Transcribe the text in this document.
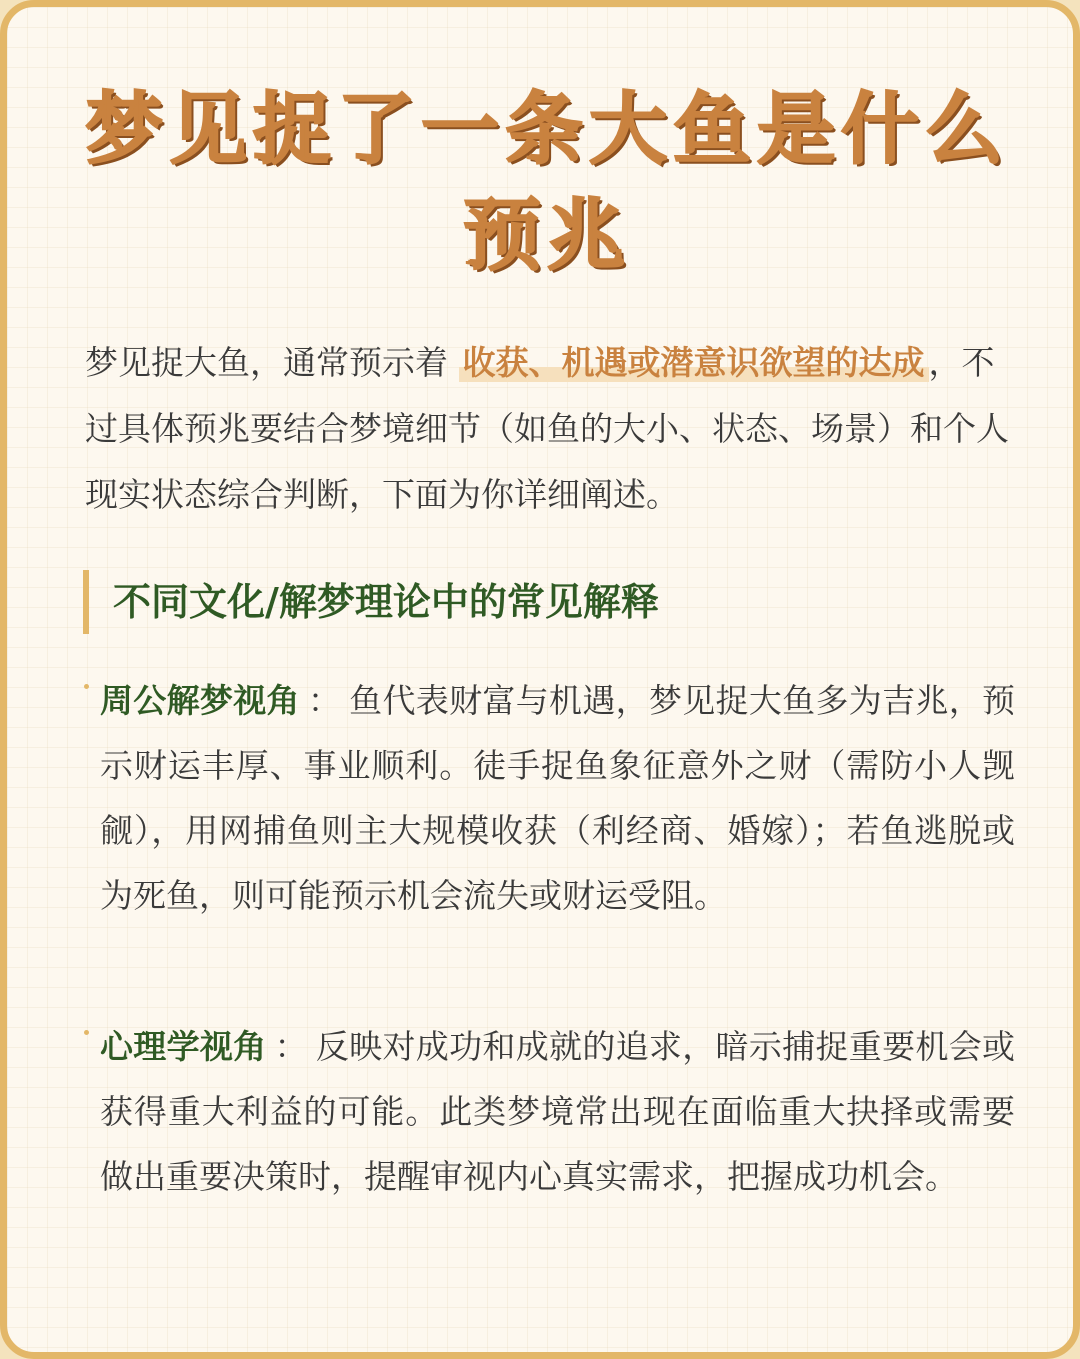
梦见捉了一条大鱼是什么
预兆
梦见捉大鱼，通常预示着 收获、机遇或潜意识欲望的达成 ，不过具体预兆要结合梦境细节（如鱼的大小、状态、场景）和个人现实状态综合判断，下面为你详细阐述。
不同文化/解梦理论中的常见解释
周公解梦视角 ： 鱼代表财富与机遇，梦见捉大鱼多为吉兆，预示财运丰厚、事业顺利。徒手捉鱼象征意外之财（需防小人觊觎），用网捕鱼则主大规模收获（利经商、婚嫁）；若鱼逃脱或为死鱼，则可能预示机会流失或财运受阻。
心理学视角 ： 反映对成功和成就的追求，暗示捕捉重要机会或获得重大利益的可能。此类梦境常出现在面临重大抉择或需要做出重要决策时，提醒审视内心真实需求，把握成功机会。
